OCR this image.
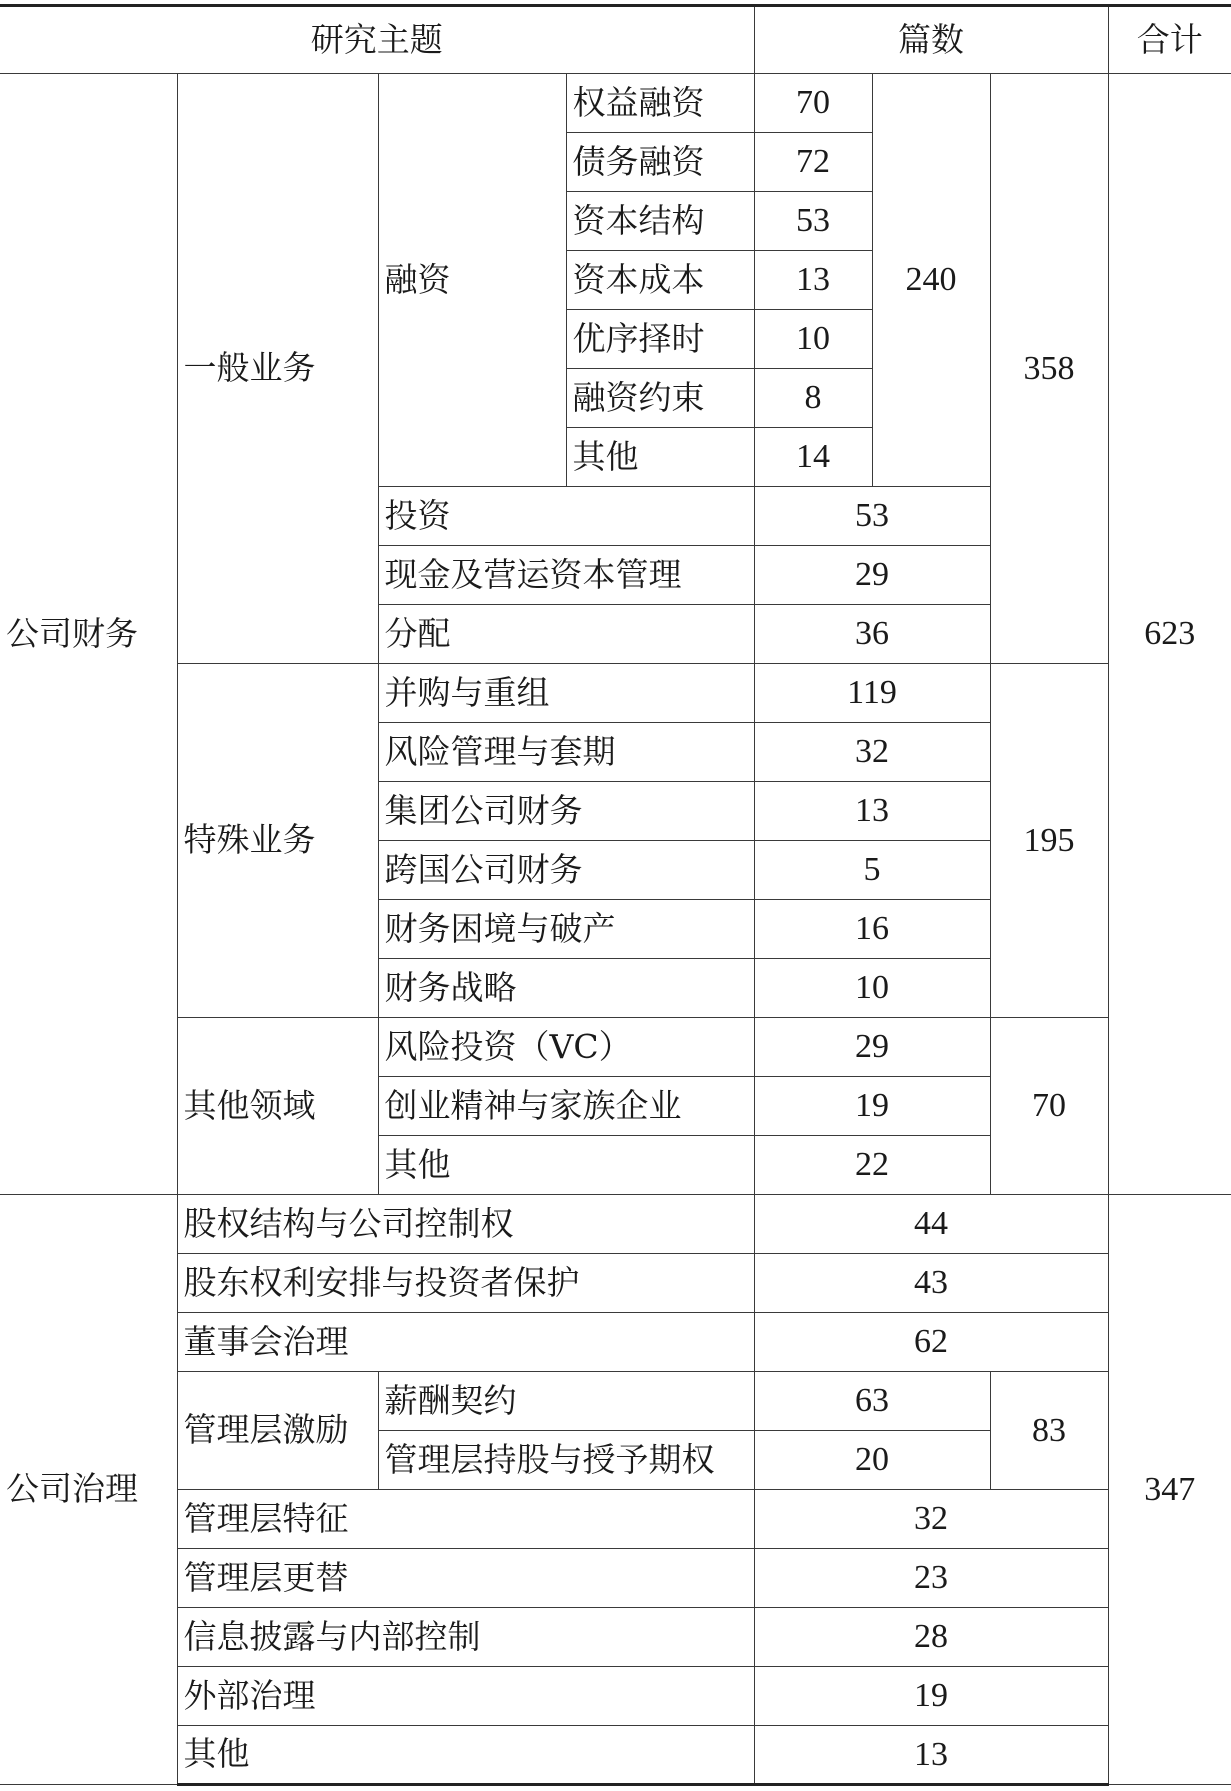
研究主题				篇数			合计
公司财务	一般业务	融资	权益融资	70	240	358	623
			债务融资	72			
			资本结构	53			
			资本成本	13			
			优序择时	10			
			融资约束	8			
			其他	14			
		投资		53			
		现金及营运资本管理		29			
		分配		36			
	特殊业务	并购与重组		119		195	
		风险管理与套期		32			
		集团公司财务		13			
		跨国公司财务		5			
		财务困境与破产		16			
		财务战略		10			
	其他领域	风险投资（VC）		29		70	
		创业精神与家族企业		19			
		其他		22			
公司治理	股权结构与公司控制权			44			347
	股东权利安排与投资者保护			43			
	董事会治理			62			
	管理层激励	薪酬契约		63		83	
		管理层持股与授予期权		20			
	管理层特征			32			
	管理层更替			23			
	信息披露与内部控制			28			
	外部治理			19			
	其他			13			
